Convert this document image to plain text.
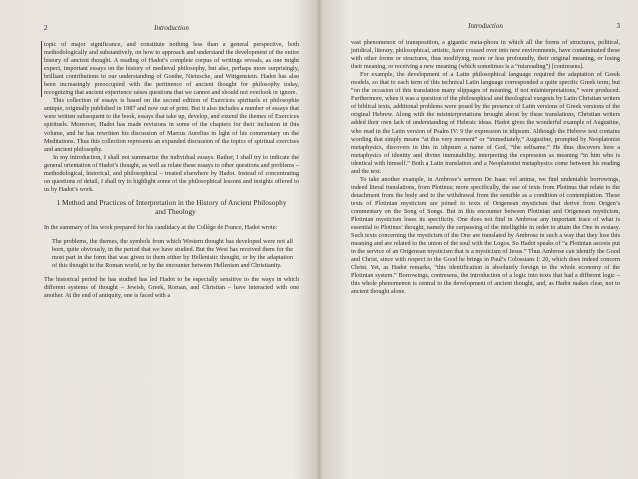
2	Introduction

topic of major significance, and constitute nothing less than a general perspective, both methodologically and substantively, on how to approach and understand the development of the entire history of ancient thought. A reading of Hadot’s complete corpus of writings reveals, as one might expect, important essays on the history of medieval philosophy, but also, perhaps more surprisingly, brilliant contributions to our understanding of Goethe, Nietzsche, and Wittgenstein. Hadot has also been increasingly preoccupied with the pertinence of ancient thought for philosophy today, recognizing that ancient experience raises questions that we cannot and should not overlook or ignore.

This collection of essays is based on the second edition of Exercices spirituels et philosophie antique, originally published in 1987 and now out of print. But it also includes a number of essays that were written subsequent to the book, essays that take up, develop, and extend the themes of Exercices spirituels. Moreover, Hadot has made revisions in some of the chapters for their inclusion in this volume, and he has rewritten his discussion of Marcus Aurelius in light of his commentary on the Meditations. Thus this collection represents an expanded discussion of the topics of spiritual exercises and ancient philosophy.

In my introduction, I shall not summarize the individual essays. Rather, I shall try to indicate the general orientation of Hadot’s thought, as well as relate these essays to other questions and problems – methodological, historical, and philosophical – treated elsewhere by Hadot. Instead of concentrating on questions of detail, I shall try to highlight some of the philosophical lessons and insights offered to us by Hadot’s work.

1 Method and Practices of Interpretation in the History of Ancient Philosophy and Theology

In the summary of his work prepared for his candidacy at the Collège de France, Hadot wrote:

The problems, the themes, the symbols from which Western thought has developed were not all born, quite obviously, in the period that we have studied. But the West has received them for the most part in the form that was given to them either by Hellenistic thought, or by the adaptation of this thought to the Roman world, or by the encounter between Hellenism and Christianity.

The historical period he has studied has led Hadot to be especially sensitive to the ways in which different systems of thought – Jewish, Greek, Roman, and Christian – have interacted with one another. At the end of antiquity, one is faced with a

Introduction	3

vast phenomenon of transposition, a gigantic meta-phora in which all the forms of structures, political, juridical, literary, philosophical, artistic, have crossed over into new environments, have contaminated these with other forms or structures, thus modifying, more or less profoundly, their original meaning, or losing their meaning, or receiving a new meaning (which sometimes is a “misreading”) [contresens].

For example, the development of a Latin philosophical language required the adaptation of Greek models, so that to each term of this technical Latin language corresponded a quite specific Greek term; but “on the occasion of this translation many slippages of meaning, if not misinterpretations,” were produced. Furthermore, when it was a question of the philosophical and theological exegesis by Latin Christian writers of biblical texts, additional problems were posed by the presence of Latin versions of Greek versions of the original Hebrew. Along with the misinterpretations brought about by these translations, Christian writers added their own lack of understanding of Hebraic ideas. Hadot gives the wonderful example of Augustine, who read in the Latin version of Psalm IV: 9 the expression in idipsum. Although the Hebrew text contains wording that simply means “at this very moment” or “immediately,” Augustine, prompted by Neoplatonist metaphysics, discovers in this in idipsum a name of God, “the selfsame.” He thus discovers here a metaphysics of identity and divine immutability, interpreting the expression as meaning “in him who is identical with himself.” Both a Latin translation and a Neoplatonist metaphysics come between his reading and the text.

To take another example, in Ambrose’s sermon De Isaac vel anima, we find undeniable borrowings, indeed literal translations, from Plotinus; more specifically, the use of texts from Plotinus that relate to the detachment from the body and to the withdrawal from the sensible as a condition of contemplation. These texts of Plotinian mysticism are joined to texts of Origenean mysticism that derive from Origen’s commentary on the Song of Songs. But in this encounter between Plotinian and Origenean mysticism, Plotinian mysticism loses its specificity. One does not find in Ambrose any important trace of what is essential to Plotinus’ thought, namely the surpassing of the intelligible in order to attain the One in ecstasy. Such texts concerning the mysticism of the One are translated by Ambrose in such a way that they lose this meaning and are related to the union of the soul with the Logos. So Hadot speaks of “a Plotinian ascesis put in the service of an Origenean mysticism that is a mysticism of Jesus.” Thus Ambrose can identify the Good and Christ, since with respect to the Good he brings in Paul’s Colossians I: 20, which does indeed concern Christ. Yet, as Hadot remarks, “this identification is absolutely foreign to the whole economy of the Plotinian system.” Borrowings, contresens, the introduction of a logic into texts that had a different logic – this whole phenomenon is central to the development of ancient thought, and, as Hadot makes clear, not to ancient thought alone.
